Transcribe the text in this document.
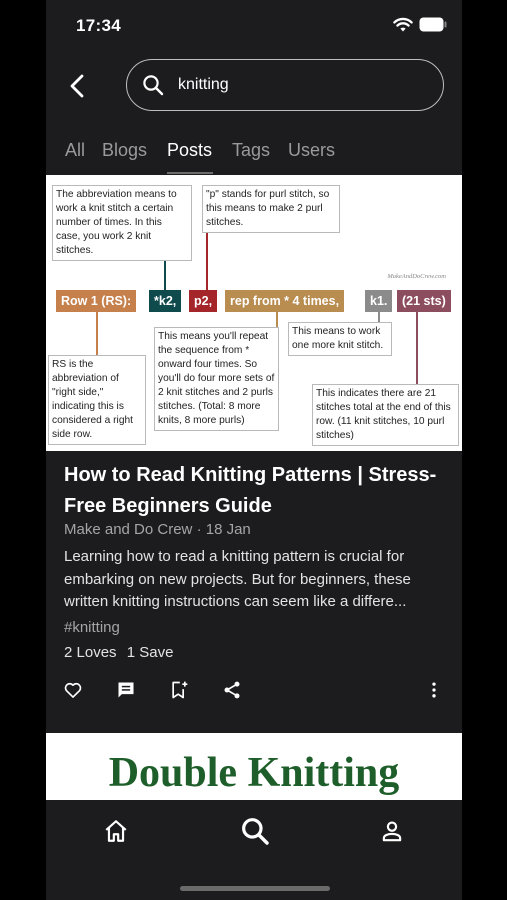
17:34
knitting
All Blogs Posts Tags Users
The abbreviation means to work a knit stitch a certain number of times. In this case, you work 2 knit stitches.
"p" stands for purl stitch, so this means to make 2 purl stitches.
RS is the abbreviation of "right side," indicating this is considered a right side row.
This means you'll repeat the sequence from * onward four times. So you'll do four more sets of 2 knit stitches and 2 purls stitches. (Total: 8 more knits, 8 more purls)
This means to work one more knit stitch.
This indicates there are 21 stitches total at the end of this row. (11 knit stitches, 10 purl stitches)
Row 1 (RS):	*k2,	p2,	rep from * 4 times,	k1.	(21 sts)
MakeAndDoCrew.com
How to Read Knitting Patterns | Stress-Free Beginners Guide
Make and Do Crew · 18 Jan
Learning how to read a knitting pattern is crucial for embarking on new projects. But for beginners, these written knitting instructions can seem like a differe...
#knitting
2 Loves 1 Save
Double Knitting
